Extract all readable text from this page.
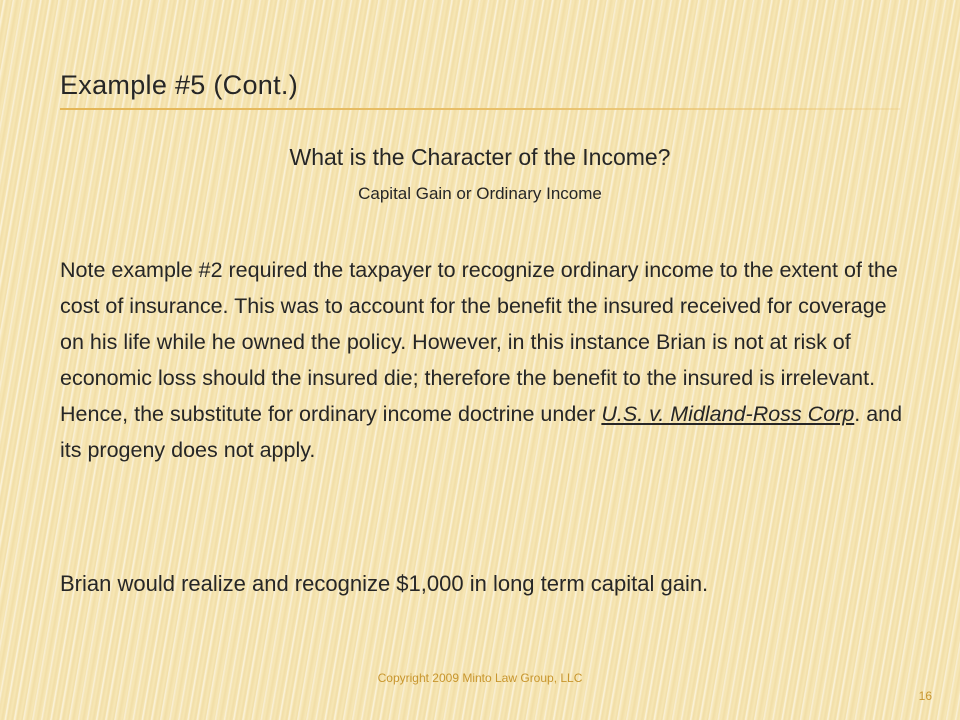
Example #5 (Cont.)
What is the Character of the Income?
Capital Gain or Ordinary Income

Note example #2 required the taxpayer to recognize ordinary income to the extent of the cost of insurance. This was to account for the benefit the insured received for coverage on his life while he owned the policy. However, in this instance Brian is not at risk of economic loss should the insured die; therefore the benefit to the insured is irrelevant. Hence, the substitute for ordinary income doctrine under U.S. v. Midland-Ross Corp. and its progeny does not apply.

Brian would realize and recognize $1,000 in long term capital gain.

Copyright 2009 Minto Law Group, LLC
16
